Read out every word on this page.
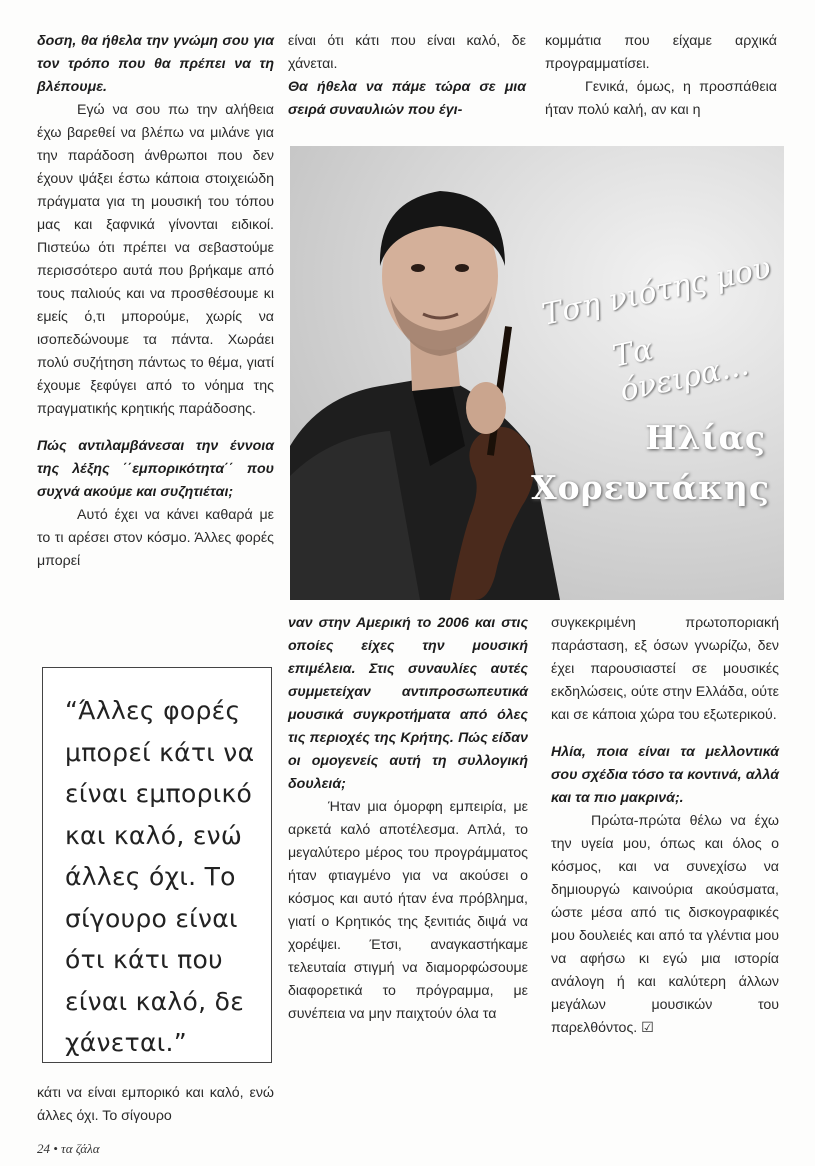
δοση, θα ήθελα την γνώμη σου για τον τρόπο που θα πρέπει να τη βλέπουμε.

Εγώ να σου πω την αλήθεια έχω βαρεθεί να βλέπω να μιλάνε για την παράδοση άνθρωποι που δεν έχουν ψάξει έστω κάποια στοιχειώδη πράγματα για τη μουσική του τόπου μας και ξαφνικά γίνονται ειδικοί. Πιστεύω ότι πρέπει να σεβαστούμε περισσότερο αυτά που βρήκαμε από τους παλιούς και να προσθέσουμε κι εμείς ό,τι μπορούμε, χωρίς να ισοπεδώνουμε τα πάντα. Χωράει πολύ συζήτηση πάντως το θέμα, γιατί έχουμε ξεφύγει από το νόημα της πραγματικής κρητικής παράδοσης.

Πώς αντιλαμβάνεσαι την έννοια της λέξης ΄΄εμπορικότητα΄΄ που συχνά ακούμε και συζητιέται;

Αυτό έχει να κάνει καθαρά με το τι αρέσει στον κόσμο. Άλλες φορές μπορεί

είναι ότι κάτι που είναι καλό, δε χάνεται.

Θα ήθελα να πάμε τώρα σε μια σειρά συναυλιών που έγι-

κομμάτια που είχαμε αρχικά προγραμματίσει.

Γενικά, όμως, η προσπάθεια ήταν πολύ καλή, αν και η

Τση νιότης μου
Τα όνειρα...
Ηλίας
Χορευτάκης

ναν στην Αμερική το 2006 και στις οποίες είχες την μουσική επιμέλεια. Στις συναυλίες αυτές συμμετείχαν αντιπροσωπευτικά μουσικά συγκροτήματα από όλες τις περιοχές της Κρήτης. Πώς είδαν οι ομογενείς αυτή τη συλλογική δουλειά;

Ήταν μια όμορφη εμπειρία, με αρκετά καλό αποτέλεσμα. Απλά, το μεγαλύτερο μέρος του προγράμματος ήταν φτιαγμένο για να ακούσει ο κόσμος και αυτό ήταν ένα πρόβλημα, γιατί ο Κρητικός της ξενιτιάς διψά να χορέψει. Έτσι, αναγκαστήκαμε τελευταία στιγμή να διαμορφώσουμε διαφορετικά το πρόγραμμα, με συνέπεια να μην παιχτούν όλα τα

συγκεκριμένη πρωτοποριακή παράσταση, εξ όσων γνωρίζω, δεν έχει παρουσιαστεί σε μουσικές εκδηλώσεις, ούτε στην Ελλάδα, ούτε και σε κάποια χώρα του εξωτερικού.

Ηλία, ποια είναι τα μελλοντικά σου σχέδια τόσο τα κοντινά, αλλά και τα πιο μακρινά;.

Πρώτα-πρώτα θέλω να έχω την υγεία μου, όπως και όλος ο κόσμος, και να συνεχίσω να δημιουργώ καινούρια ακούσματα, ώστε μέσα από τις δισκογραφικές μου δουλειές και από τα γλέντια μου να αφήσω κι εγώ μια ιστορία ανάλογη ή και καλύτερη άλλων μεγάλων μουσικών του παρελθόντος. ☑

“Άλλες φορές μπορεί κάτι να είναι εμπορικό και καλό, ενώ άλλες όχι. Το σίγουρο είναι ότι κάτι που είναι καλό, δε χάνεται.”

κάτι να είναι εμπορικό και καλό, ενώ άλλες όχι. Το σίγουρο

24 • τα ζάλα
